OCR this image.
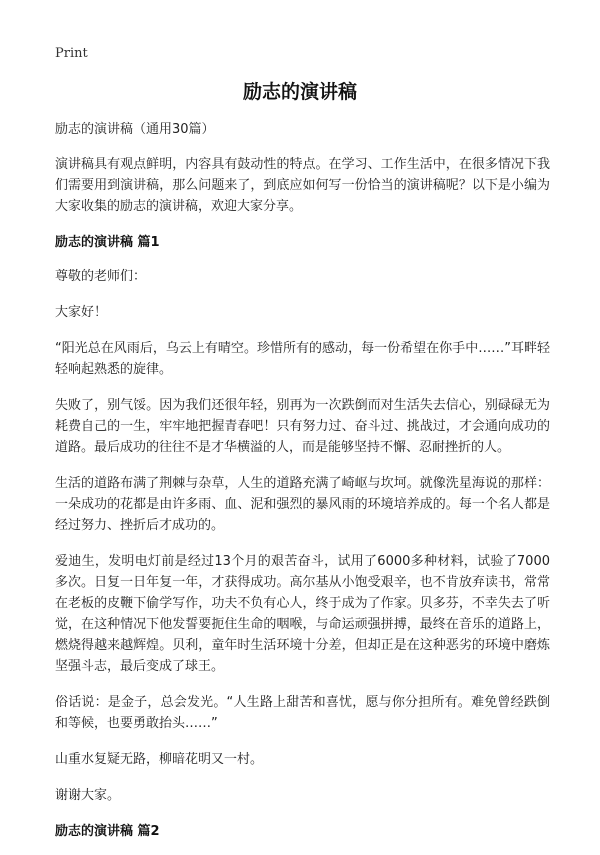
Print
励志的演讲稿

励志的演讲稿（通用30篇）

演讲稿具有观点鲜明，内容具有鼓动性的特点。在学习、工作生活中，在很多情况下我们需要用到演讲稿，那么问题来了，到底应如何写一份恰当的演讲稿呢？以下是小编为大家收集的励志的演讲稿，欢迎大家分享。

励志的演讲稿 篇1

尊敬的老师们：

大家好！

“阳光总在风雨后，乌云上有晴空。珍惜所有的感动，每一份希望在你手中……”耳畔轻轻响起熟悉的旋律。

失败了，别气馁。因为我们还很年轻，别再为一次跌倒而对生活失去信心，别碌碌无为耗费自己的一生，牢牢地把握青春吧！只有努力过、奋斗过、挑战过，才会通向成功的道路。最后成功的往往不是才华横溢的人，而是能够坚持不懈、忍耐挫折的人。

生活的道路布满了荆棘与杂草，人生的道路充满了崎岖与坎坷。就像洗星海说的那样：一朵成功的花都是由许多雨、血、泥和强烈的暴风雨的环境培养成的。每一个名人都是经过努力、挫折后才成功的。

爱迪生，发明电灯前是经过13个月的艰苦奋斗，试用了6000多种材料，试验了7000多次。日复一日年复一年，才获得成功。高尔基从小饱受艰辛，也不肯放弃读书，常常在老板的皮鞭下偷学写作，功夫不负有心人，终于成为了作家。贝多芬，不幸失去了听觉，在这种情况下他发誓要扼住生命的咽喉，与命运顽强拼搏，最终在音乐的道路上，燃烧得越来越辉煌。贝利，童年时生活环境十分差，但却正是在这种恶劣的环境中磨炼坚强斗志，最后变成了球王。

俗话说：是金子，总会发光。“人生路上甜苦和喜忧，愿与你分担所有。难免曾经跌倒和等候，也要勇敢抬头……”

山重水复疑无路，柳暗花明又一村。

谢谢大家。

励志的演讲稿 篇2
